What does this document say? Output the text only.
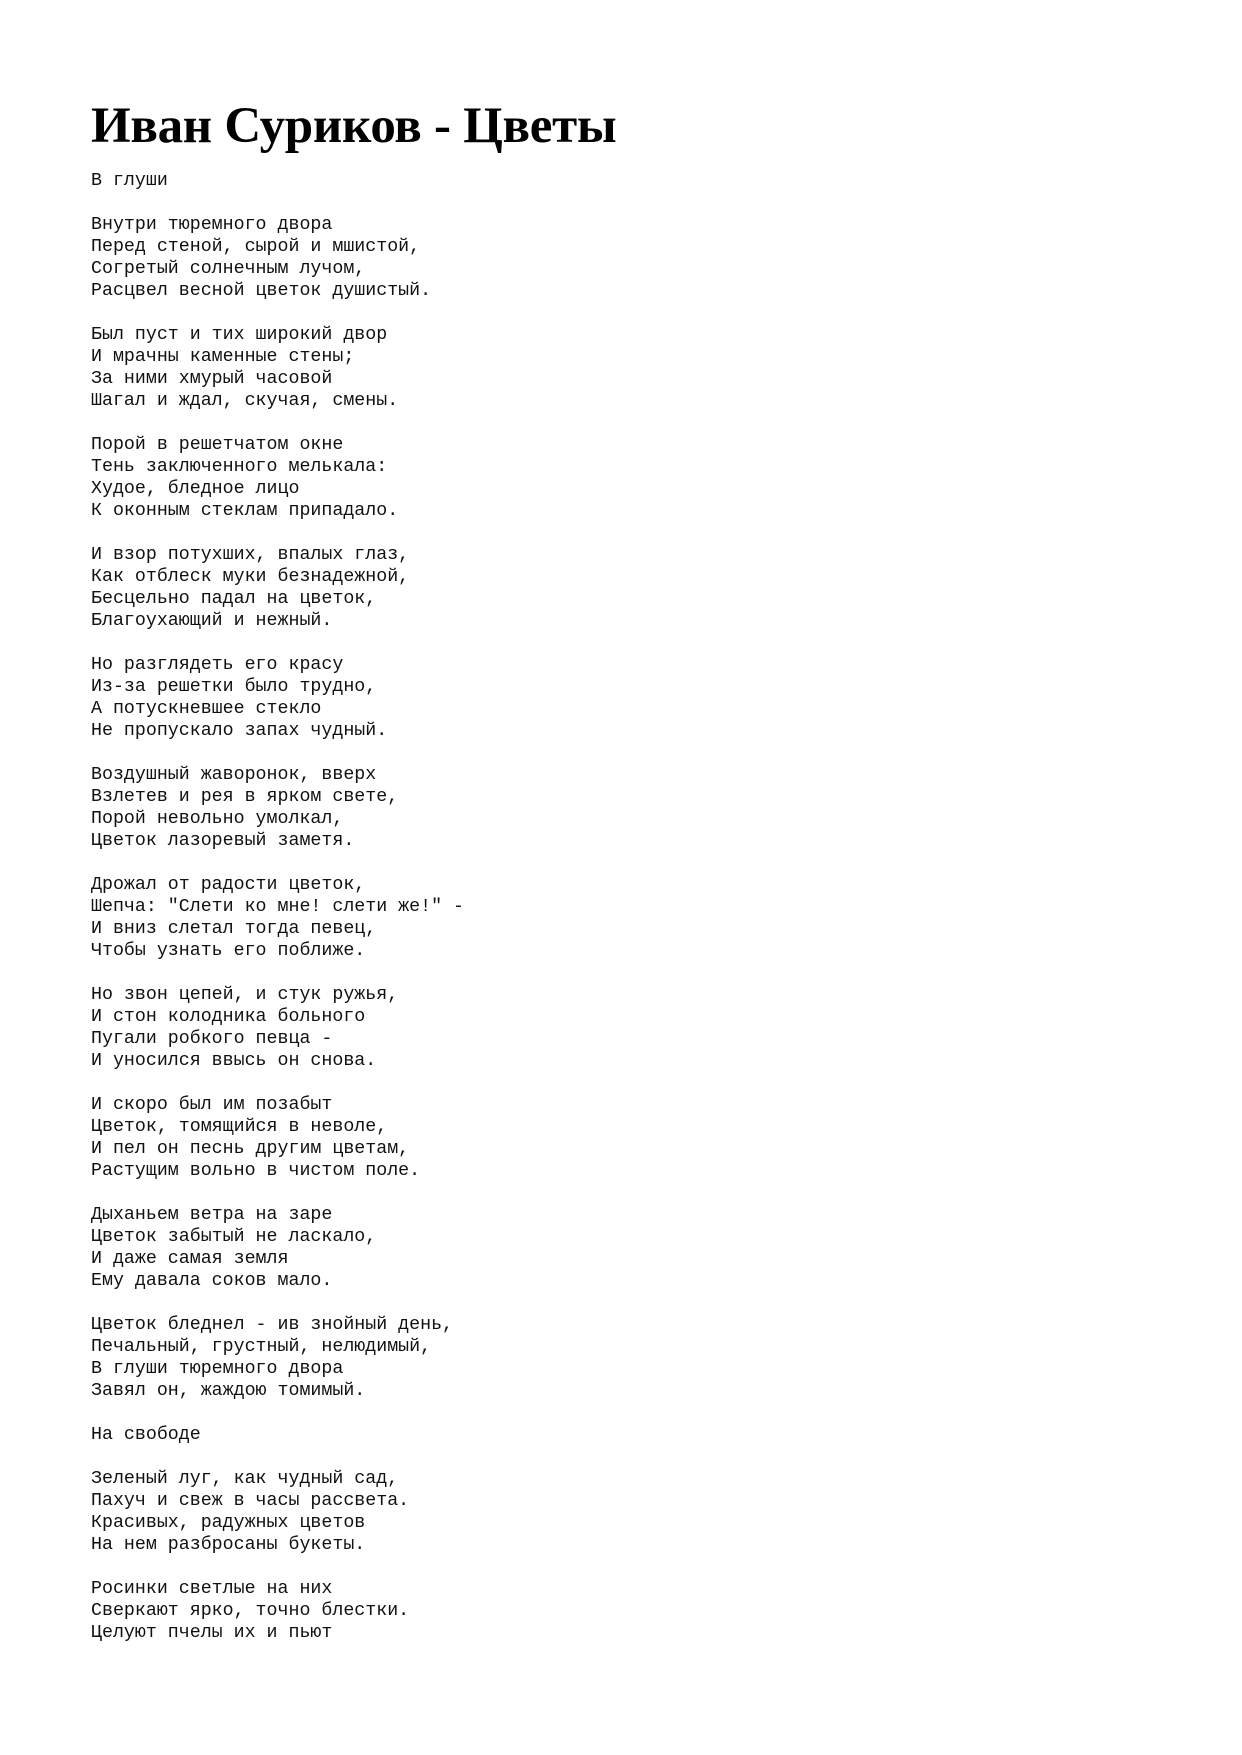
Иван Суриков - Цветы
В глуши
Внутри тюремного двора
Перед стеной, сырой и мшистой,
Согретый солнечным лучом,
Расцвел весной цветок душистый.
Был пуст и тих широкий двор
И мрачны каменные стены;
За ними хмурый часовой
Шагал и ждал, скучая, смены.
Порой в решетчатом окне
Тень заключенного мелькала:
Худое, бледное лицо
К оконным стеклам припадало.
И взор потухших, впалых глаз,
Как отблеск муки безнадежной,
Бесцельно падал на цветок,
Благоухающий и нежный.
Но разглядеть его красу
Из-за решетки было трудно,
А потускневшее стекло
Не пропускало запах чудный.
Воздушный жаворонок, вверх
Взлетев и рея в ярком свете,
Порой невольно умолкал,
Цветок лазоревый заметя.
Дрожал от радости цветок,
Шепча: "Слети ко мне! слети же!" -
И вниз слетал тогда певец,
Чтобы узнать его поближе.
Но звон цепей, и стук ружья,
И стон колодника больного
Пугали робкого певца -
И уносился ввысь он снова.
И скоро был им позабыт
Цветок, томящийся в неволе,
И пел он песнь другим цветам,
Растущим вольно в чистом поле.
Дыханьем ветра на заре
Цветок забытый не ласкало,
И даже самая земля
Ему давала соков мало.
Цветок бледнел - ив знойный день,
Печальный, грустный, нелюдимый,
В глуши тюремного двора
Завял он, жаждою томимый.
На свободе
Зеленый луг, как чудный сад,
Пахуч и свеж в часы рассвета.
Красивых, радужных цветов
На нем разбросаны букеты.
Росинки светлые на них
Сверкают ярко, точно блестки.
Целуют пчелы их и пьют
